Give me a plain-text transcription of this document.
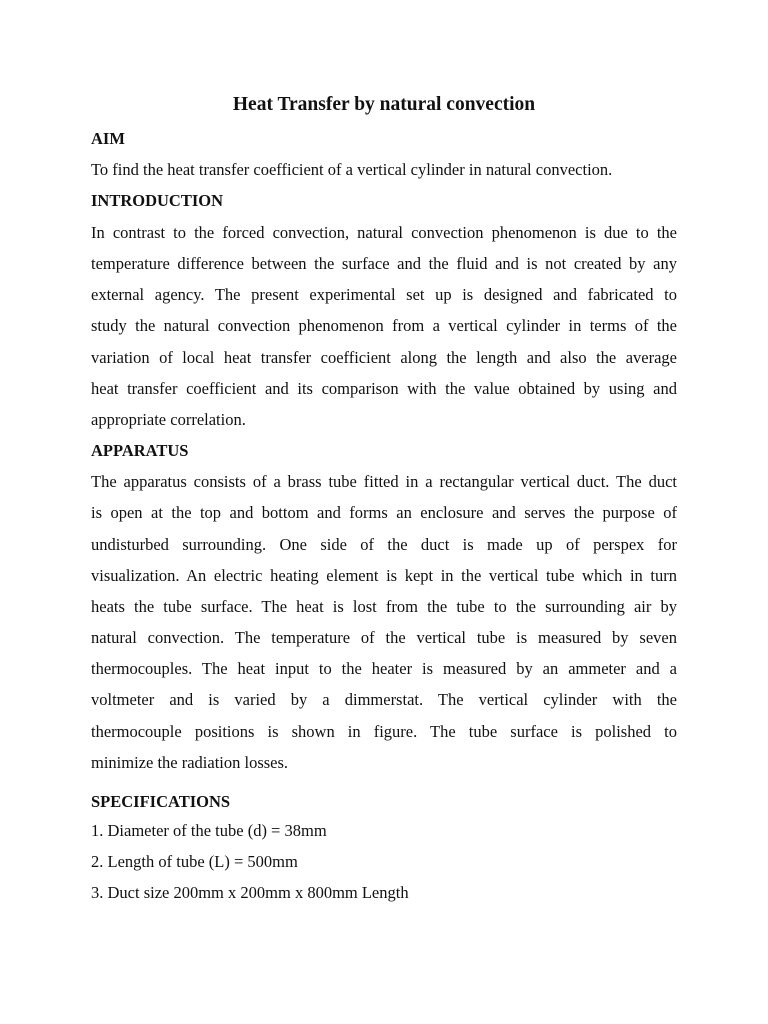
Heat Transfer by natural convection
AIM
To find the heat transfer coefficient of a vertical cylinder in natural convection.
INTRODUCTION
In contrast to the forced convection, natural convection phenomenon is due to the
temperature difference between the surface and the fluid and is not created by any
external agency. The present experimental set up is designed and fabricated to
study the natural convection phenomenon from a vertical cylinder in terms of the
variation of local heat transfer coefficient along the length and also the average
heat transfer coefficient and its comparison with the value obtained by using and
appropriate correlation.
APPARATUS
The apparatus consists of a brass tube fitted in a rectangular vertical duct. The duct
is open at the top and bottom and forms an enclosure and serves the purpose of
undisturbed surrounding. One side of the duct is made up of perspex for
visualization. An electric heating element is kept in the vertical tube which in turn
heats the tube surface. The heat is lost from the tube to the surrounding air by
natural convection. The temperature of the vertical tube is measured by seven
thermocouples. The heat input to the heater is measured by an ammeter and a
voltmeter and is varied by a dimmerstat. The vertical cylinder with the
thermocouple positions is shown in figure. The tube surface is polished to
minimize the radiation losses.
SPECIFICATIONS
1. Diameter of the tube (d) = 38mm
2. Length of tube (L) = 500mm
3. Duct size 200mm x 200mm x 800mm Length
